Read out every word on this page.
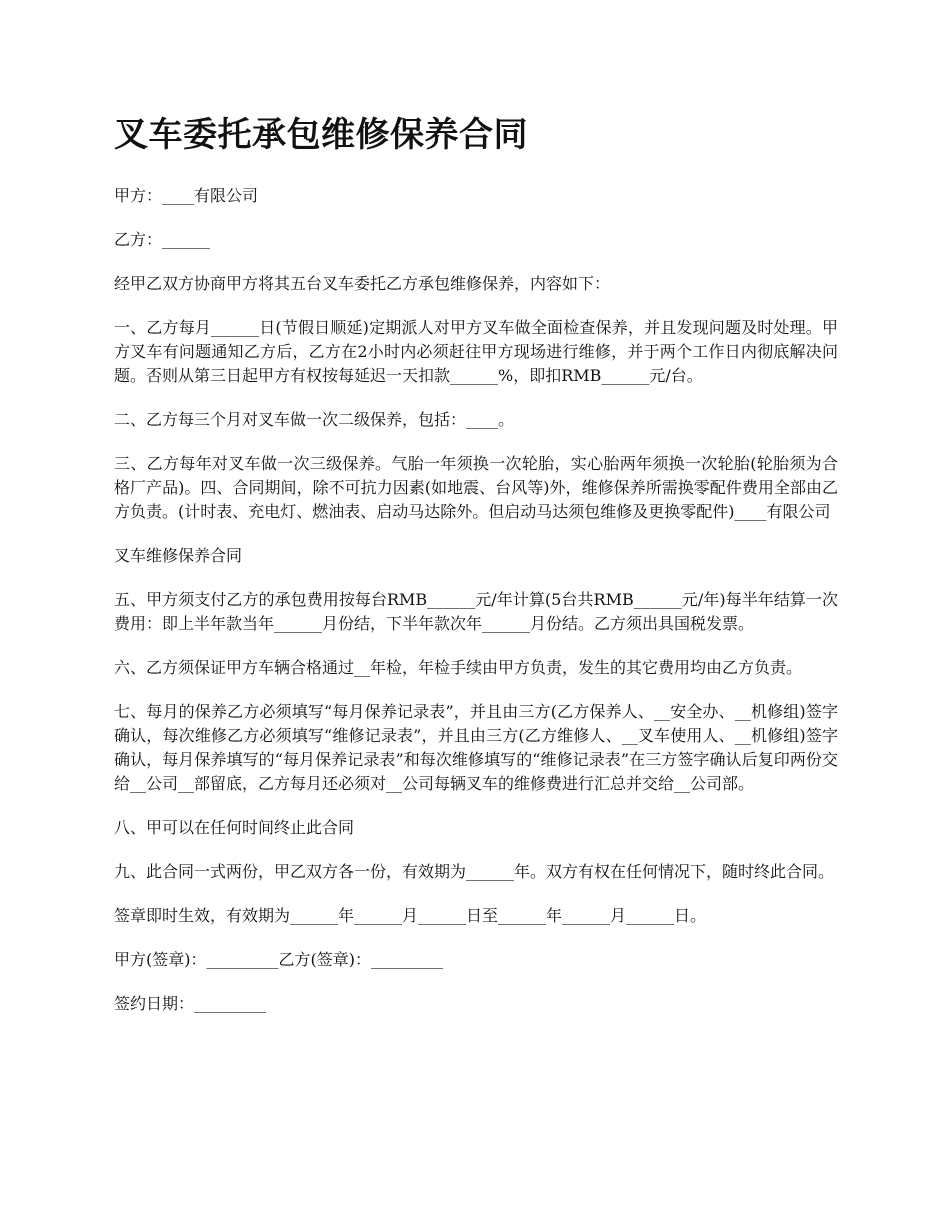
叉车委托承包维修保养合同

甲方：____有限公司

乙方：______

经甲乙双方协商甲方将其五台叉车委托乙方承包维修保养，内容如下：

一、乙方每月______日(节假日顺延)定期派人对甲方叉车做全面检查保养，并且发现问题及时处理。甲方叉车有问题通知乙方后，乙方在2小时内必须赶往甲方现场进行维修，并于两个工作日内彻底解决问题。否则从第三日起甲方有权按每延迟一天扣款______%，即扣RMB______元/台。

二、乙方每三个月对叉车做一次二级保养，包括：____。

三、乙方每年对叉车做一次三级保养。气胎一年须换一次轮胎，实心胎两年须换一次轮胎(轮胎须为合格厂产品)。四、合同期间，除不可抗力因素(如地震、台风等)外，维修保养所需换零配件费用全部由乙方负责。(计时表、充电灯、燃油表、启动马达除外。但启动马达须包维修及更换零配件)____有限公司

叉车维修保养合同

五、甲方须支付乙方的承包费用按每台RMB______元/年计算(5台共RMB______元/年)每半年结算一次费用：即上半年款当年______月份结，下半年款次年______月份结。乙方须出具国税发票。

六、乙方须保证甲方车辆合格通过__年检，年检手续由甲方负责，发生的其它费用均由乙方负责。

七、每月的保养乙方必须填写“每月保养记录表”，并且由三方(乙方保养人、__安全办、__机修组)签字确认，每次维修乙方必须填写“维修记录表”，并且由三方(乙方维修人、__叉车使用人、__机修组)签字确认，每月保养填写的“每月保养记录表”和每次维修填写的“维修记录表”在三方签字确认后复印两份交给__公司__部留底，乙方每月还必须对__公司每辆叉车的维修费进行汇总并交给__公司部。

八、甲可以在任何时间终止此合同

九、此合同一式两份，甲乙双方各一份，有效期为______年。双方有权在任何情况下，随时终此合同。

签章即时生效，有效期为______年______月______日至______年______月______日。

甲方(签章)：_________乙方(签章)：_________

签约日期：_________
